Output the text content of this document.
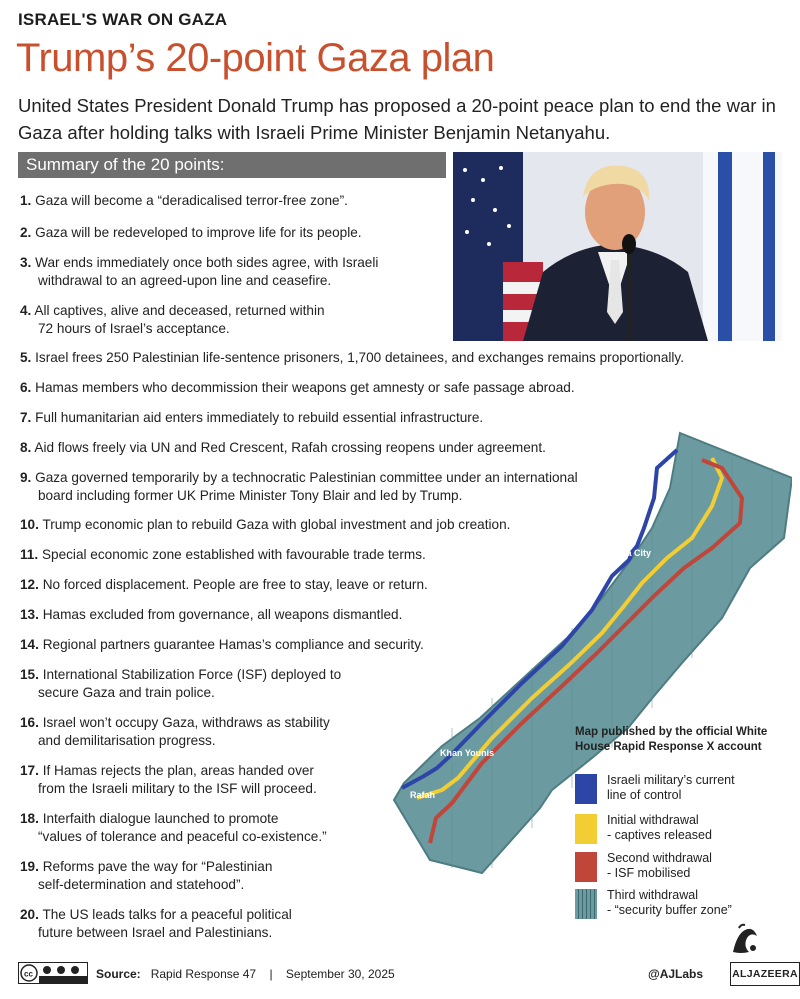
ISRAEL'S WAR ON GAZA
Trump’s 20-point Gaza plan
United States President Donald Trump has proposed a 20-point peace plan to end the war in Gaza after holding talks with Israeli Prime Minister Benjamin Netanyahu.
Summary of the 20 points:
1. Gaza will become a “deradicalised terror-free zone”.
2. Gaza will be redeveloped to improve life for its people.
3. War ends immediately once both sides agree, with Israeli
withdrawal to an agreed-upon line and ceasefire.
4. All captives, alive and deceased, returned within
72 hours of Israel’s acceptance.
5. Israel frees 250 Palestinian life-sentence prisoners, 1,700 detainees, and exchanges remains proportionally.
6. Hamas members who decommission their weapons get amnesty or safe passage abroad.
7. Full humanitarian aid enters immediately to rebuild essential infrastructure.
8. Aid flows freely via UN and Red Crescent, Rafah crossing reopens under agreement.
9. Gaza governed temporarily by a technocratic Palestinian committee under an international
board including former UK Prime Minister Tony Blair and led by Trump.
10. Trump economic plan to rebuild Gaza with global investment and job creation.
11. Special economic zone established with favourable trade terms.
12. No forced displacement. People are free to stay, leave or return.
13. Hamas excluded from governance, all weapons dismantled.
14. Regional partners guarantee Hamas’s compliance and security.
15. International Stabilization Force (ISF) deployed to
secure Gaza and train police.
16. Israel won’t occupy Gaza, withdraws as stability
and demilitarisation progress.
17. If Hamas rejects the plan, areas handed over
from the Israeli military to the ISF will proceed.
18. Interfaith dialogue launched to promote
“values of tolerance and peaceful co-existence.”
19. Reforms pave the way for “Palestinian
self-determination and statehood”.
20. The US leads talks for a peaceful political
future between Israel and Palestinians.
Gaza City
Khan Younis
Rafah
Map published by the official White House Rapid Response X account
Israeli military’s current
line of control
Initial withdrawal
- captives released
Second withdrawal
- ISF mobilised
Third withdrawal
- “security buffer zone”
cc	Source: Rapid Response 47 | September 30, 2025	@AJLabs	ALJAZEERA
